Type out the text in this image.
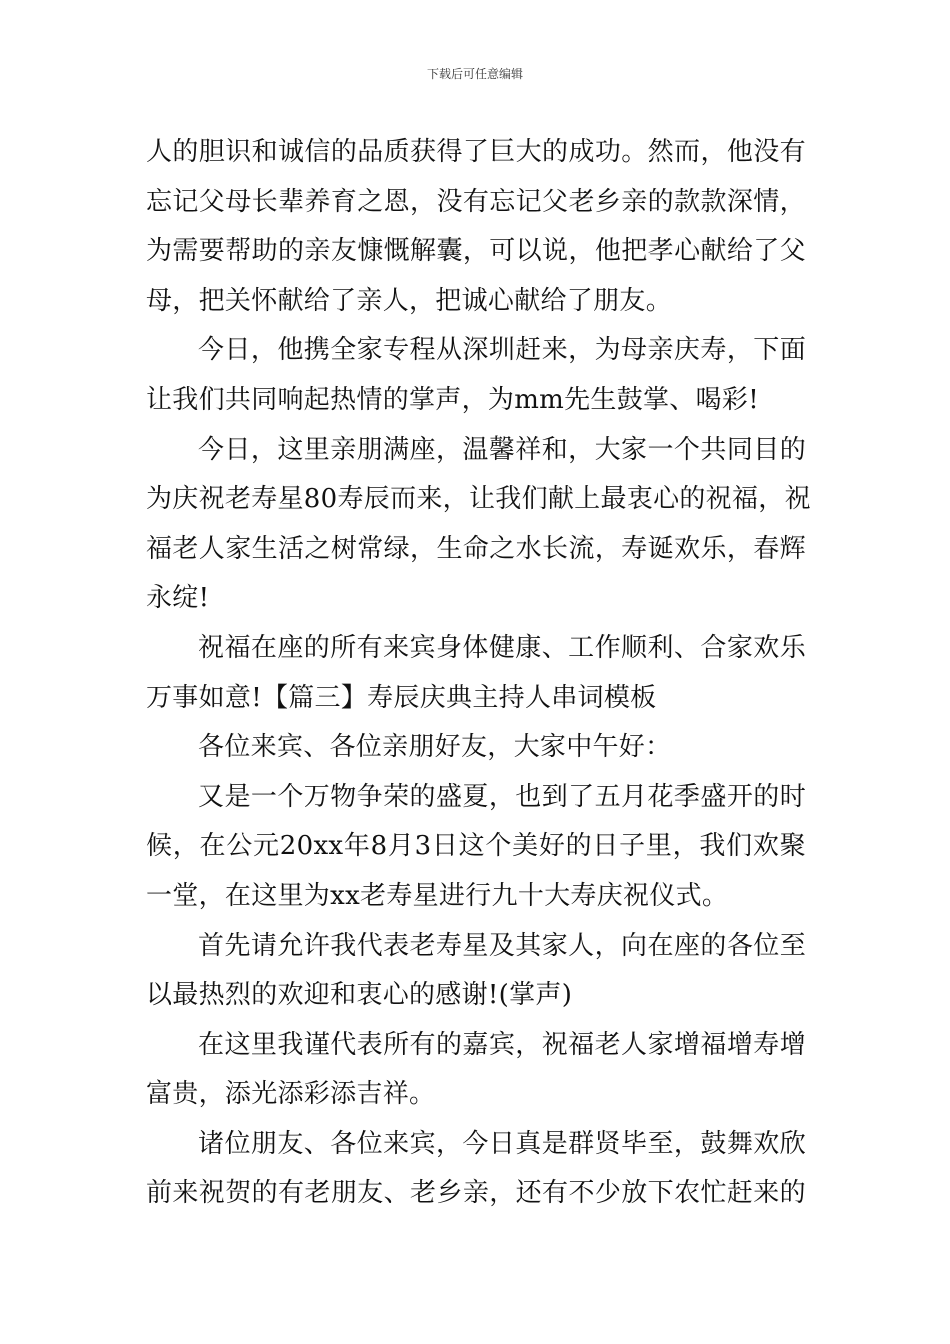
下载后可任意编辑
人的胆识和诚信的品质获得了巨大的成功。然而，他没有
忘记父母长辈养育之恩，没有忘记父老乡亲的款款深情，
为需要帮助的亲友慷慨解囊，可以说，他把孝心献给了父
母，把关怀献给了亲人，把诚心献给了朋友。
今日，他携全家专程从深圳赶来，为母亲庆寿，下面
让我们共同响起热情的掌声，为mm先生鼓掌、喝彩!
今日，这里亲朋满座，温馨祥和，大家一个共同目的
为庆祝老寿星80寿辰而来，让我们献上最衷心的祝福，祝
福老人家生活之树常绿，生命之水长流，寿诞欢乐，春辉
永绽!
祝福在座的所有来宾身体健康、工作顺利、合家欢乐
万事如意!【篇三】寿辰庆典主持人串词模板
各位来宾、各位亲朋好友，大家中午好：
又是一个万物争荣的盛夏，也到了五月花季盛开的时
候，在公元20xx年8月3日这个美好的日子里，我们欢聚
一堂，在这里为xx老寿星进行九十大寿庆祝仪式。
首先请允许我代表老寿星及其家人，向在座的各位至
以最热烈的欢迎和衷心的感谢!(掌声)
在这里我谨代表所有的嘉宾，祝福老人家增福增寿增
富贵，添光添彩添吉祥。
诸位朋友、各位来宾，今日真是群贤毕至，鼓舞欢欣
前来祝贺的有老朋友、老乡亲，还有不少放下农忙赶来的
